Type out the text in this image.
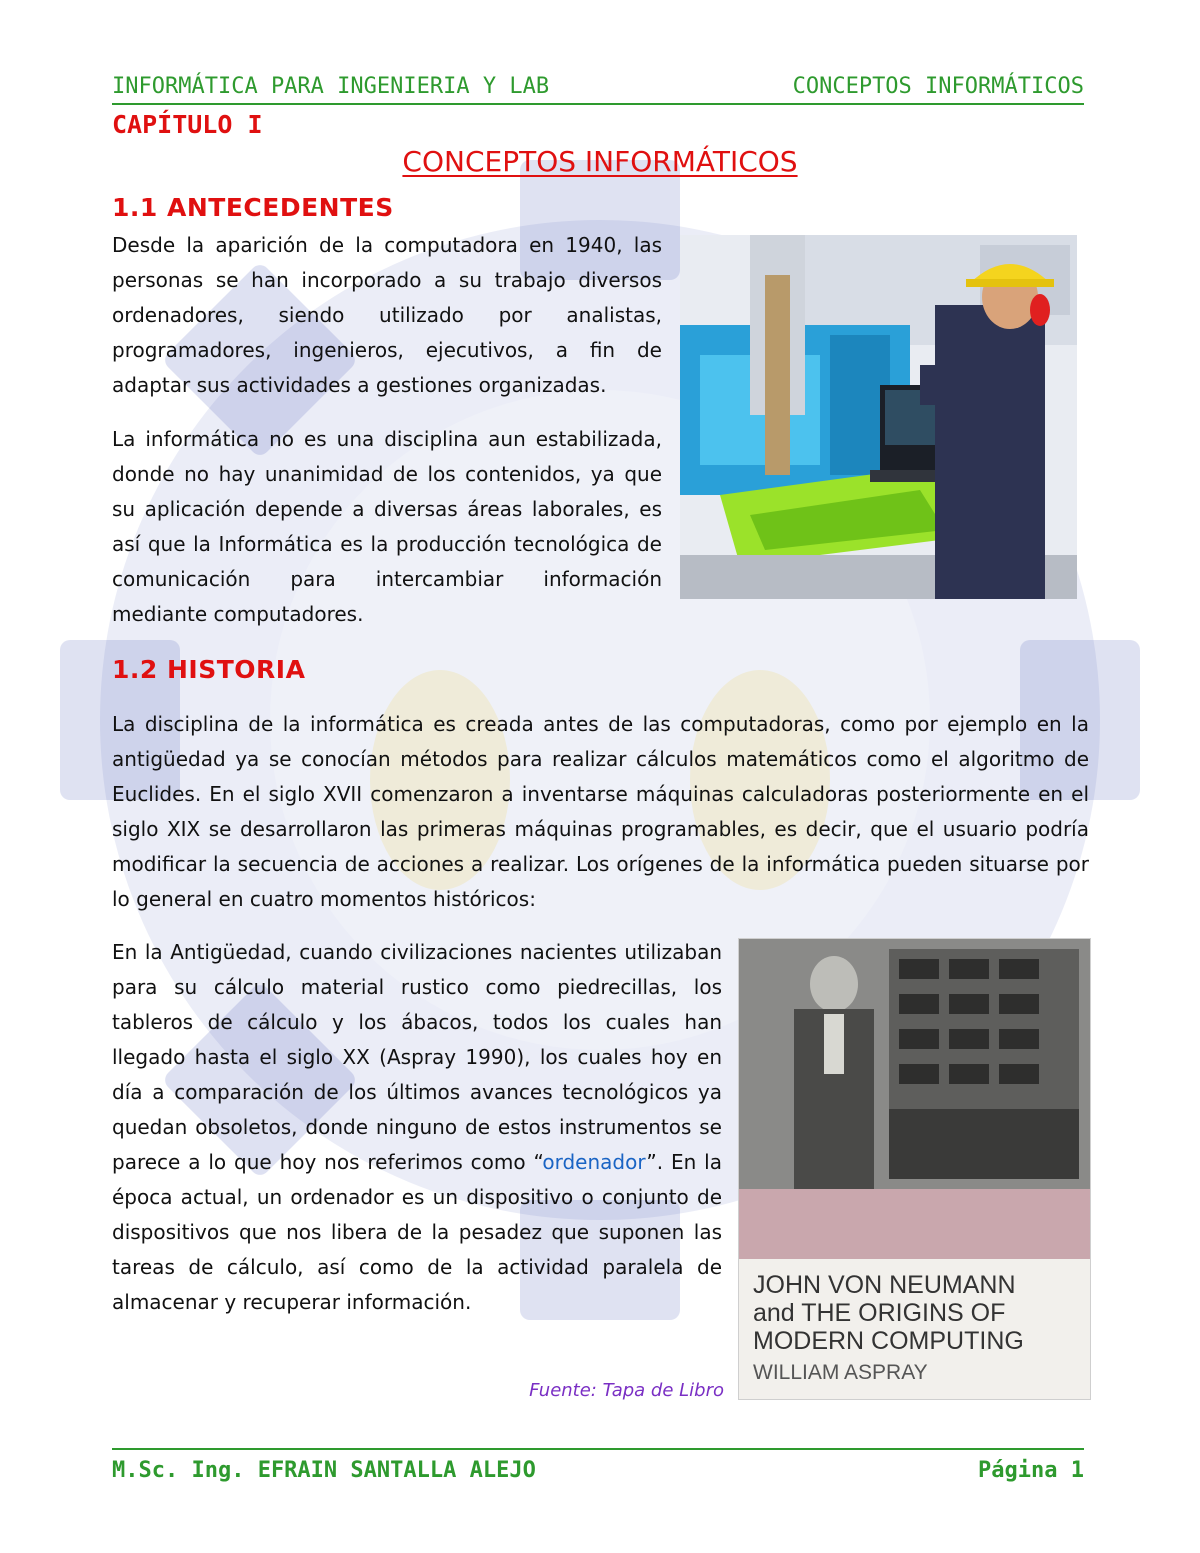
INFORMÁTICA PARA INGENIERIA Y LAB	CONCEPTOS INFORMÁTICOS
CAPÍTULO I
CONCEPTOS INFORMÁTICOS
1.1 ANTECEDENTES
Desde la aparición de la computadora en 1940, las personas se han incorporado a su trabajo diversos ordenadores, siendo utilizado por analistas, programadores, ingenieros, ejecutivos, a fin de adaptar sus actividades a gestiones organizadas.
La informática no es una disciplina aun estabilizada, donde no hay unanimidad de los contenidos, ya que su aplicación depende a diversas áreas laborales, es así que la Informática es la producción tecnológica de comunicación para intercambiar información mediante computadores.
1.2 HISTORIA
La disciplina de la informática es creada antes de las computadoras, como por ejemplo en la antigüedad ya se conocían métodos para realizar cálculos matemáticos como el algoritmo de Euclides. En el siglo XVII comenzaron a inventarse máquinas calculadoras posteriormente en el siglo XIX se desarrollaron las primeras máquinas programables, es decir, que el usuario podría modificar la secuencia de acciones a realizar. Los orígenes de la informática pueden situarse por lo general en cuatro momentos históricos:
En la Antigüedad, cuando civilizaciones nacientes utilizaban para su cálculo material rustico como piedrecillas, los tableros de cálculo y los ábacos, todos los cuales han llegado hasta el siglo XX (Aspray 1990), los cuales hoy en día a comparación de los últimos avances tecnológicos ya quedan obsoletos, donde ninguno de estos instrumentos se parece a lo que hoy nos referimos como “ordenador”. En la época actual, un ordenador es un dispositivo o conjunto de dispositivos que nos libera de la pesadez que suponen las tareas de cálculo, así como de la actividad paralela de almacenar y recuperar información.
JOHN VON NEUMANN
and THE ORIGINS OF
MODERN COMPUTING
WILLIAM ASPRAY
Fuente: Tapa de Libro
M.Sc. Ing. EFRAIN SANTALLA ALEJO	Página 1
